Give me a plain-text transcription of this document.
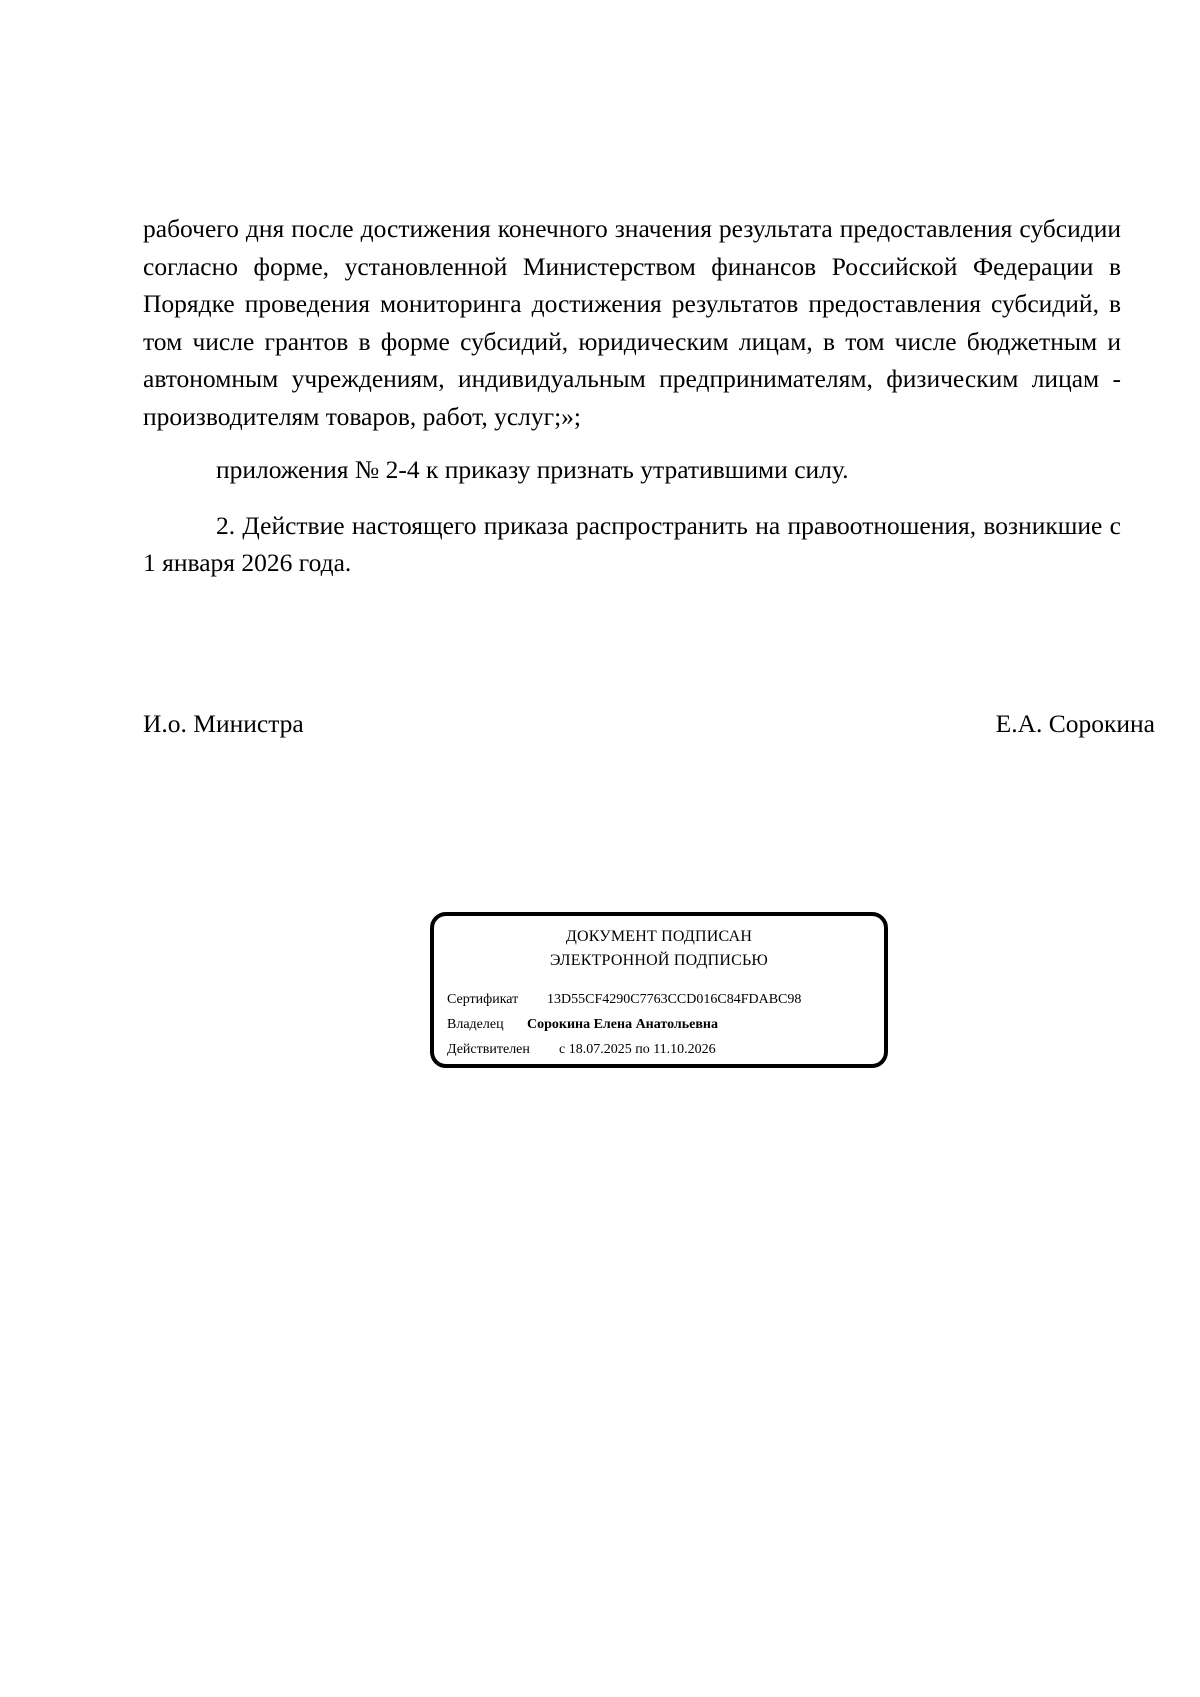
рабочего дня после достижения конечного значения результата предоставления субсидии согласно форме, установленной Министерством финансов Российской Федерации в Порядке проведения мониторинга достижения результатов предоставления субсидий, в том числе грантов в форме субсидий, юридическим лицам, в том числе бюджетным и автономным учреждениям, индивидуальным предпринимателям, физическим лицам - производителям товаров, работ, услуг;»;

приложения № 2-4 к приказу признать утратившими силу.

2. Действие настоящего приказа распространить на правоотношения, возникшие с 1 января 2026 года.

И.о. Министра	Е.А. Сорокина
ДОКУМЕНТ ПОДПИСАН
ЭЛЕКТРОННОЙ ПОДПИСЬЮ
Сертификат	13D55CF4290C7763CCD016C84FDABC98
Владелец	Сорокина Елена Анатольевна
Действителен	с 18.07.2025 по 11.10.2026
